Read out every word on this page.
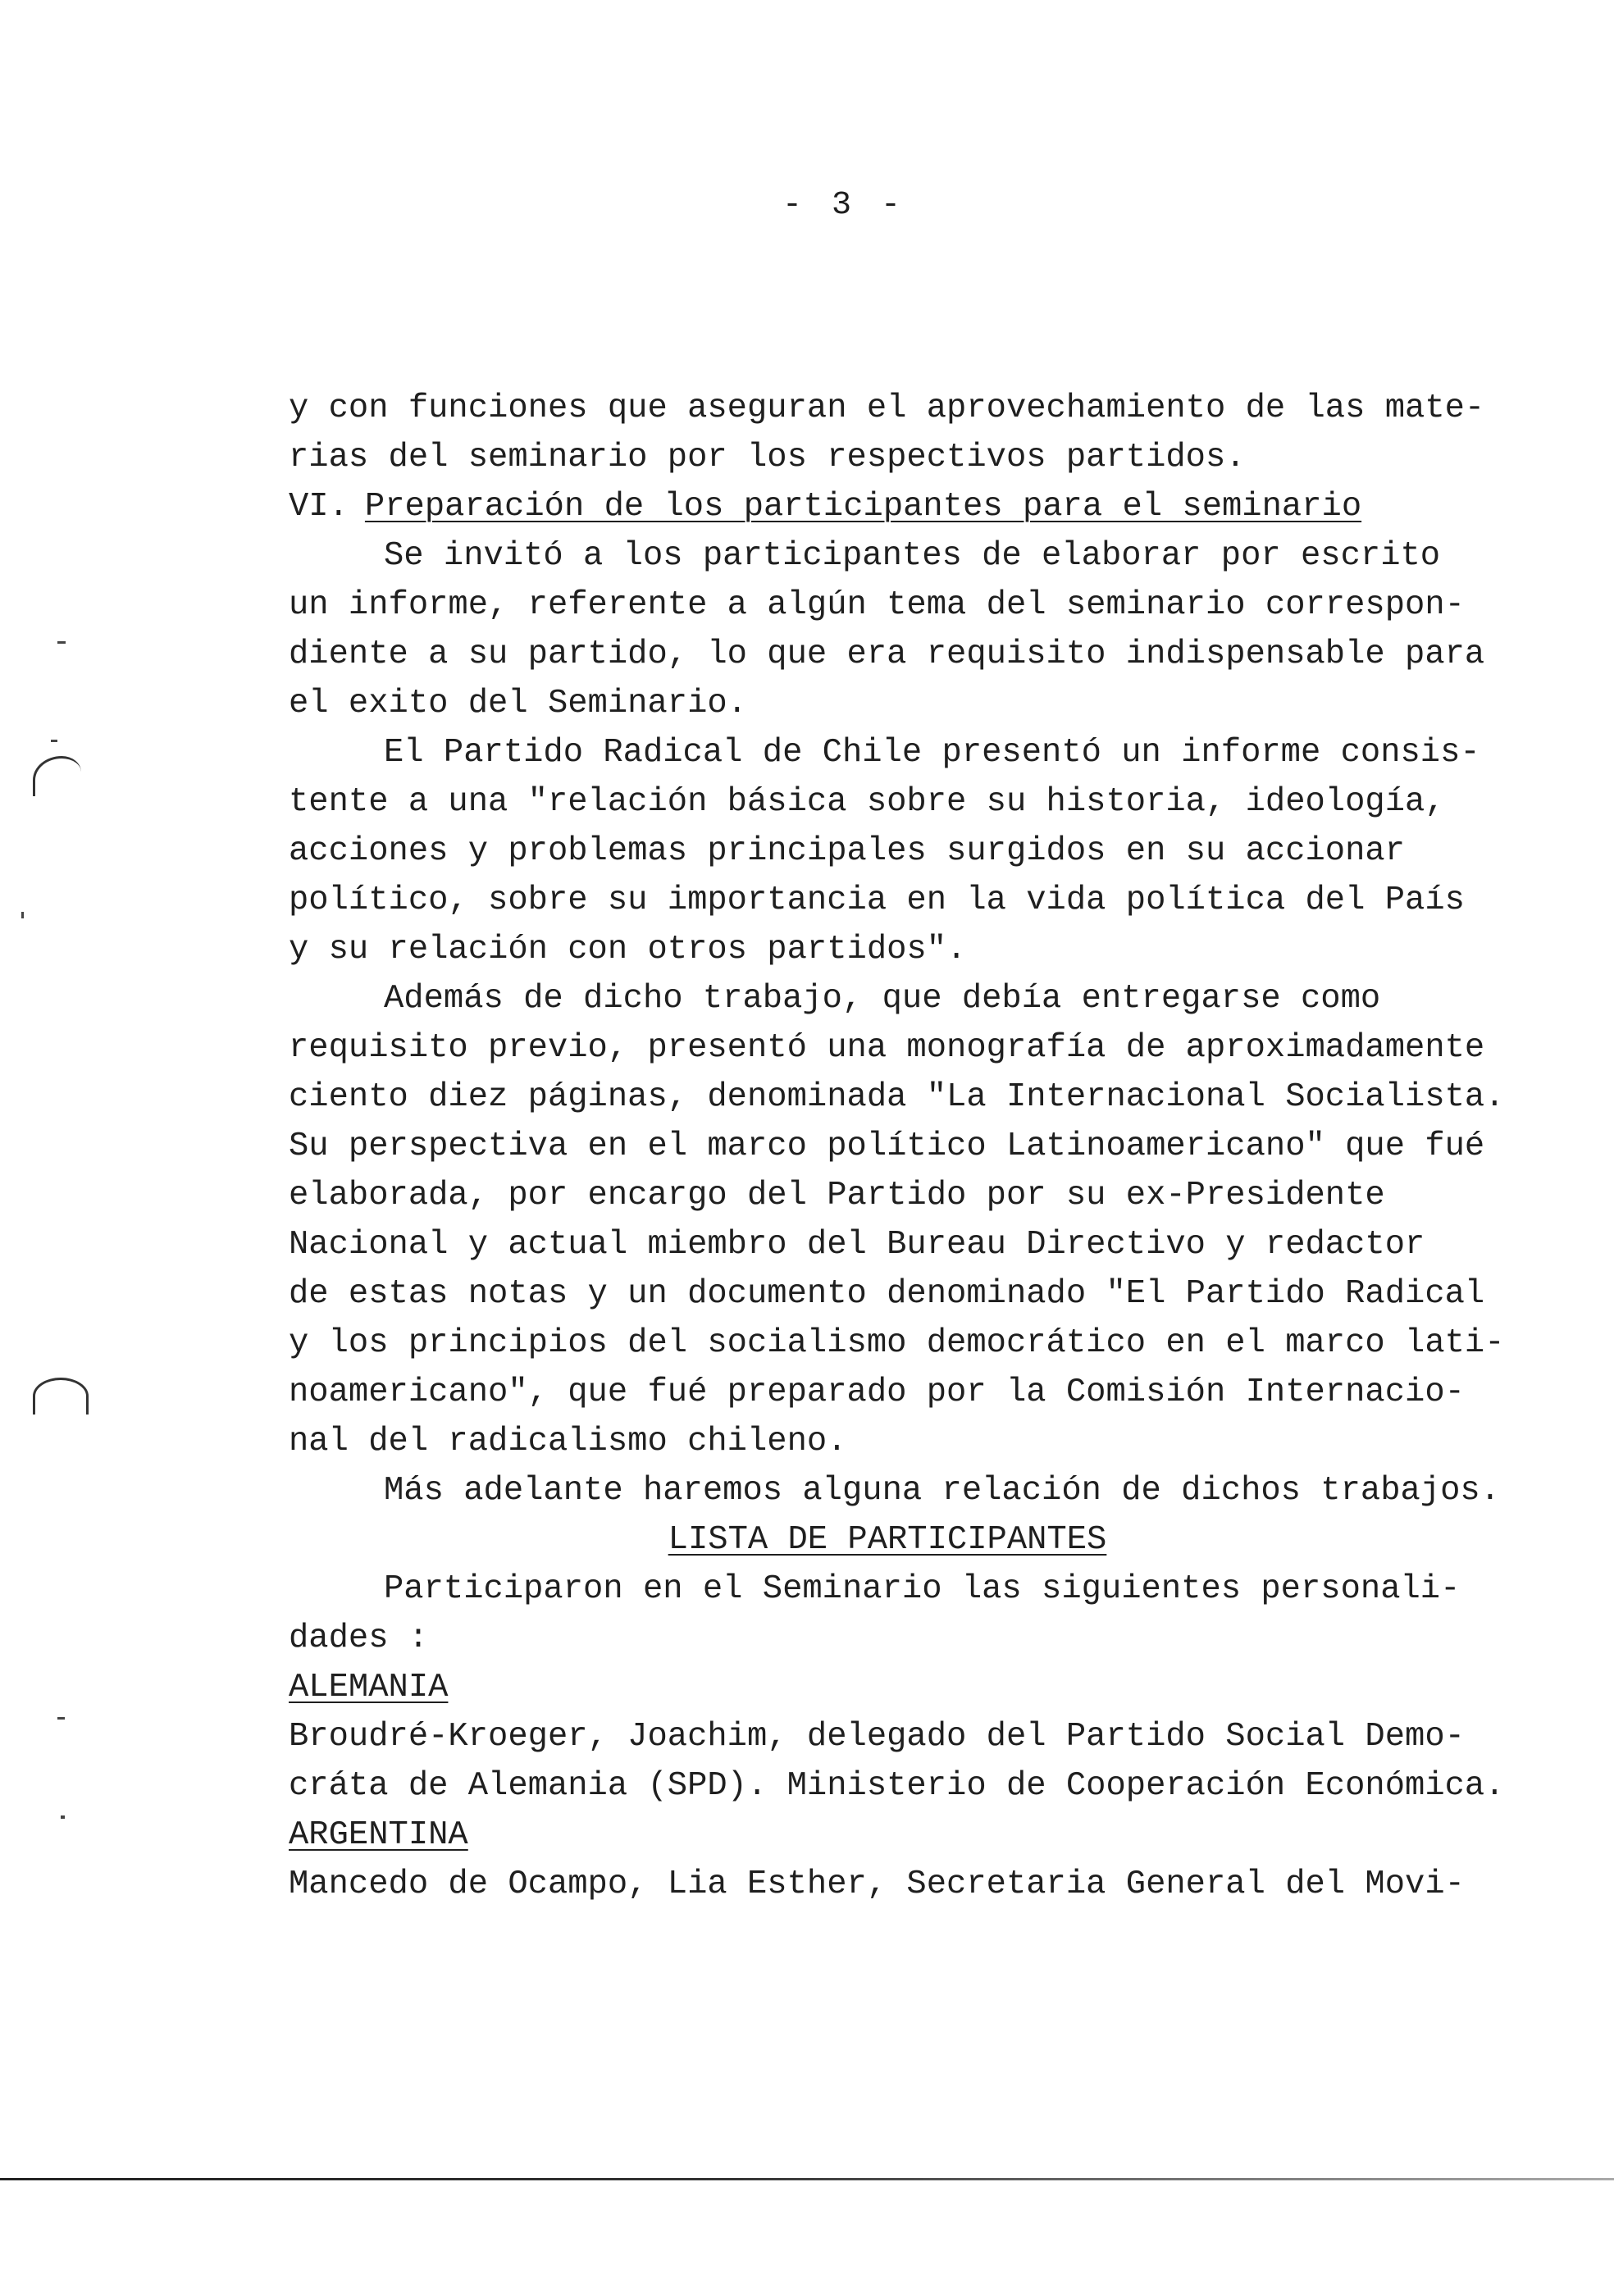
- 3 -
y con funciones que aseguran el aprovechamiento de las mate-
rias del seminario por los respectivos partidos.
VI. Preparación de los participantes para el seminario
Se invitó a los participantes de elaborar por escrito
un informe, referente a algún tema del seminario correspon-
diente a su partido, lo que era requisito indispensable para
el exito del Seminario.
El Partido Radical de Chile presentó un informe consis-
tente a una "relación básica sobre su historia, ideología,
acciones y problemas principales surgidos en su accionar
político, sobre su importancia en la vida política del País
y su relación con otros partidos".
Además de dicho trabajo, que debía entregarse como
requisito previo, presentó una monografía de aproximadamente
ciento diez páginas, denominada "La Internacional Socialista.
Su perspectiva en el marco político Latinoamericano" que fué
elaborada, por encargo del Partido por su ex-Presidente
Nacional y actual miembro del Bureau Directivo y redactor
de estas notas y un documento denominado "El Partido Radical
y los principios del socialismo democrático en el marco lati-
noamericano", que fué preparado por la Comisión Internacio-
nal del radicalismo chileno.
Más adelante haremos alguna relación de dichos trabajos.
LISTA DE PARTICIPANTES
Participaron en el Seminario las siguientes personali-
dades :
ALEMANIA
Broudré-Kroeger, Joachim, delegado del Partido Social Demo-
cráta de Alemania (SPD). Ministerio de Cooperación Económica.
ARGENTINA
Mancedo de Ocampo, Lia Esther, Secretaria General del Movi-
